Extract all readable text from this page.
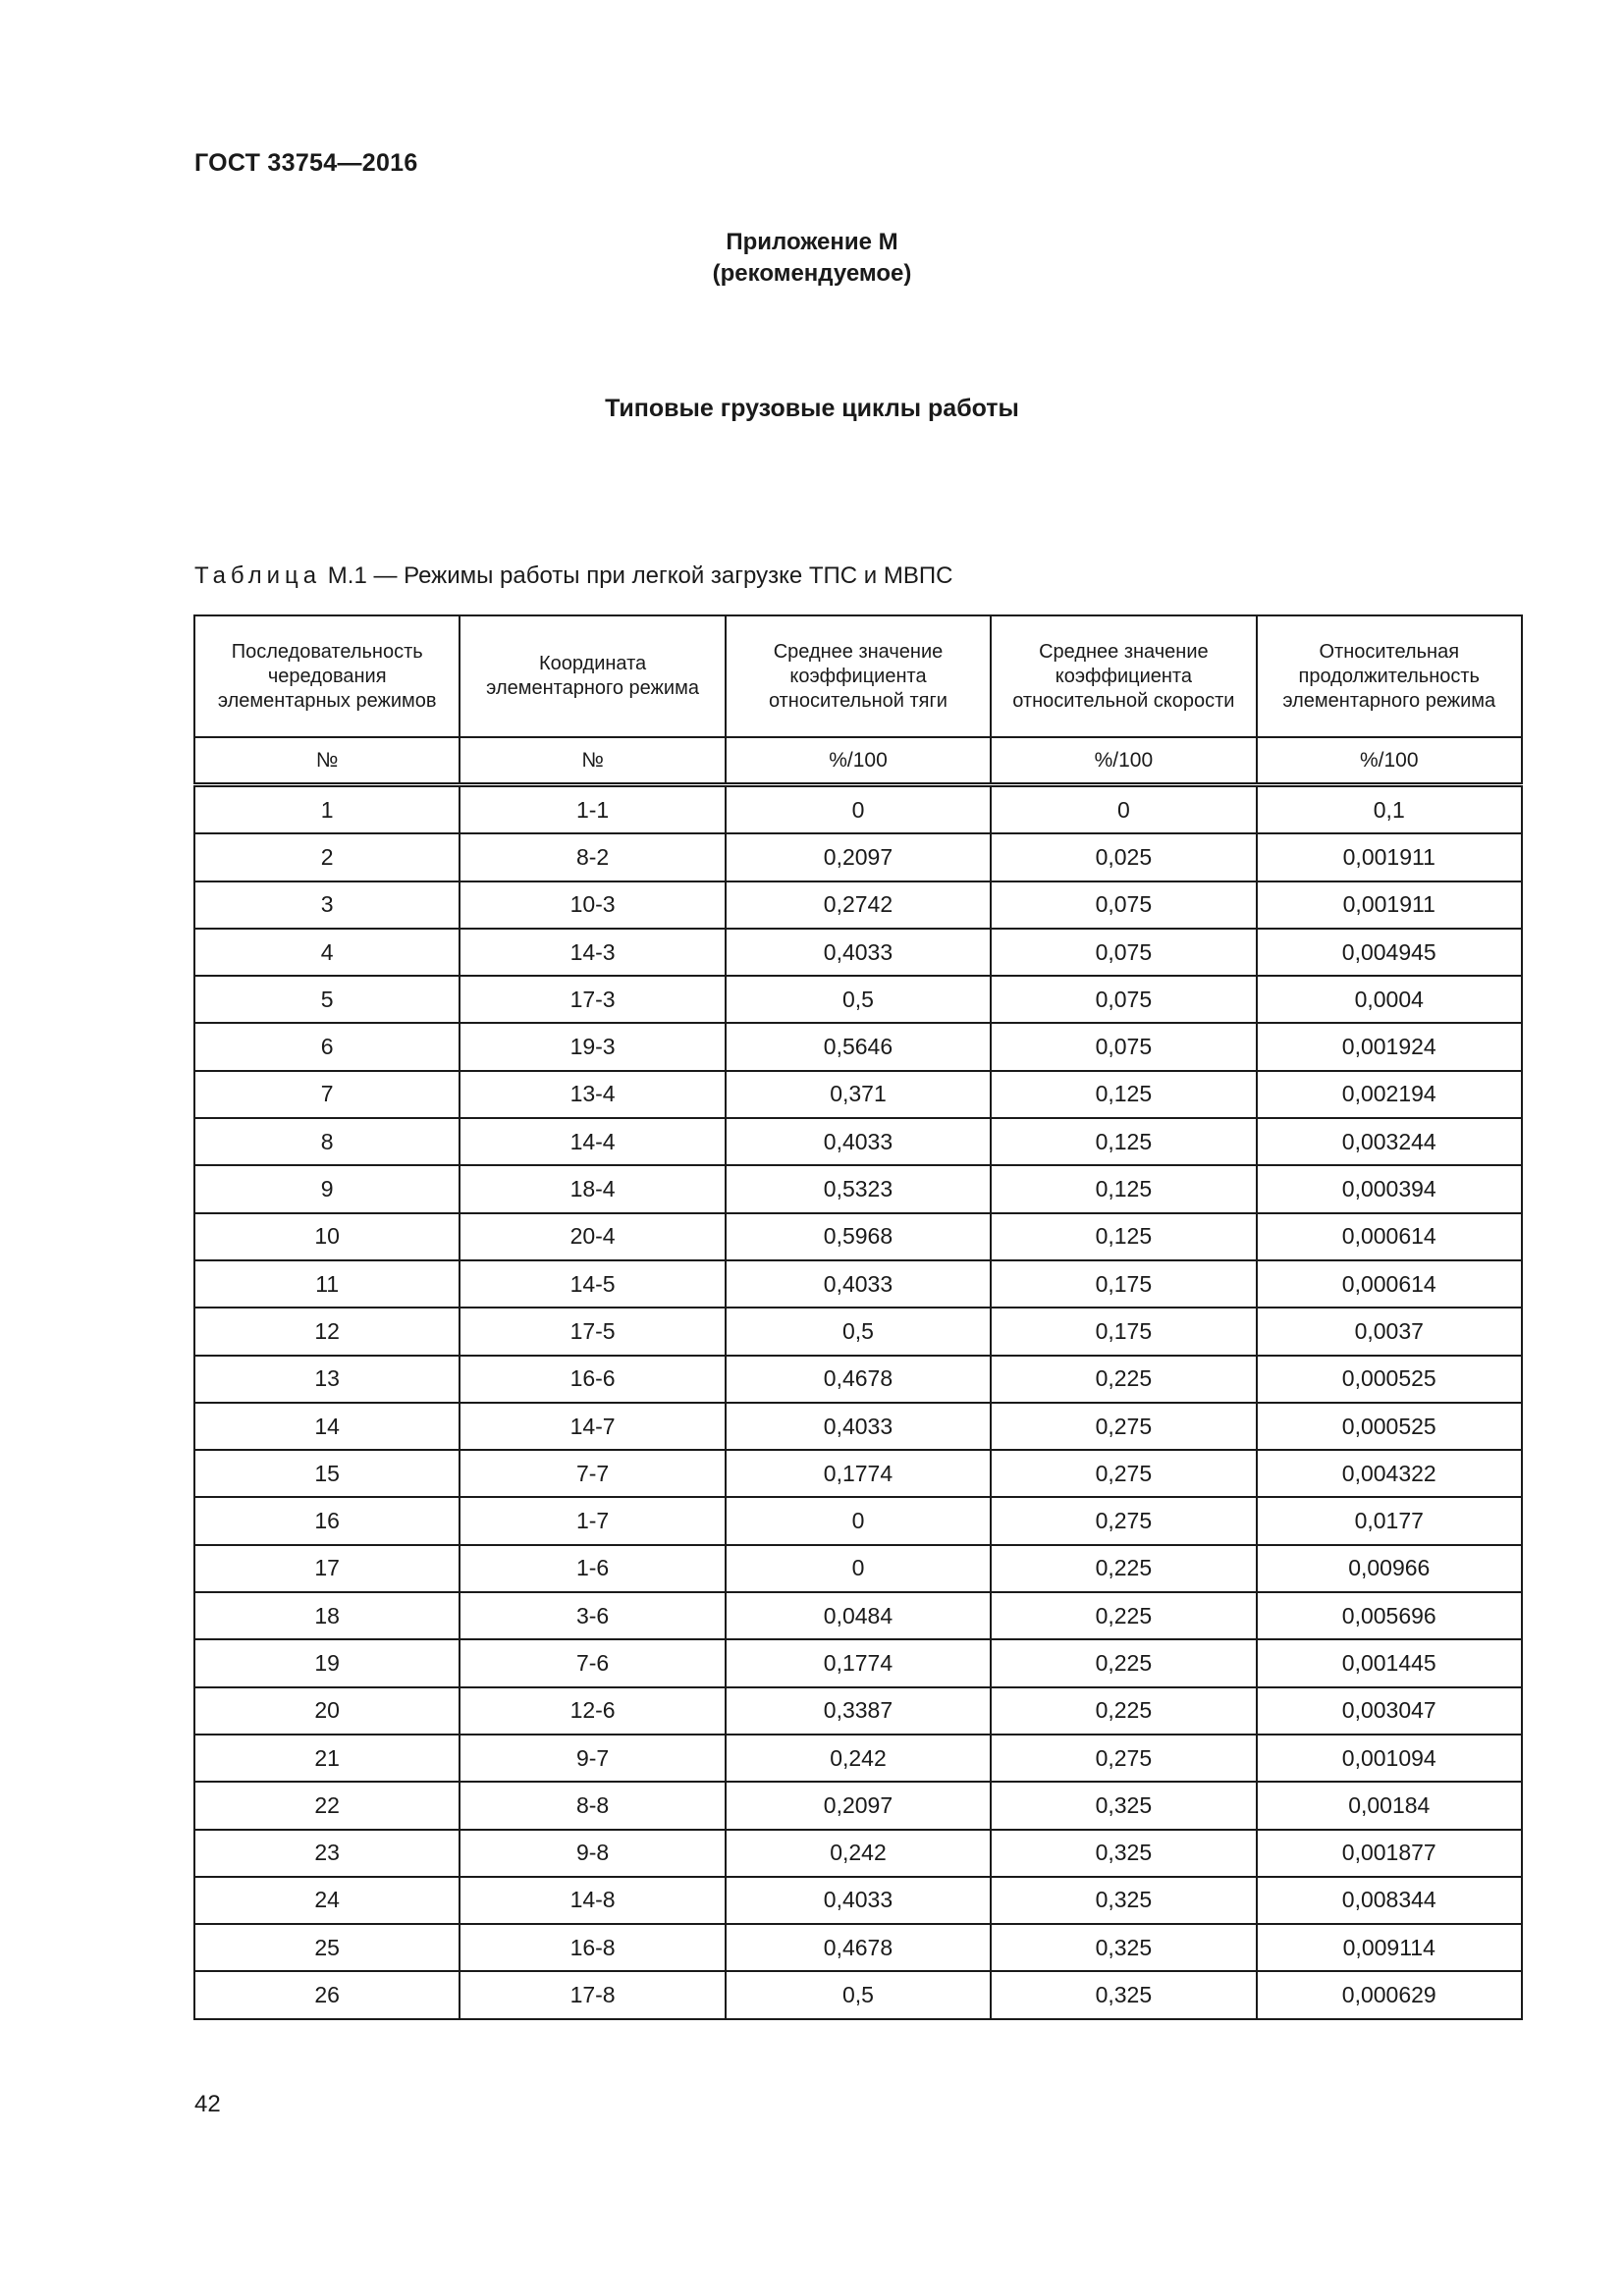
ГОСТ 33754—2016
Приложение М
(рекомендуемое)
Типовые грузовые циклы работы
Таблица М.1 — Режимы работы при легкой загрузке ТПС и МВПС
Последовательность чередования элементарных режимов	Координата элементарного режима	Среднее значение коэффициента относительной тяги	Среднее значение коэффициента относительной скорости	Относительная продолжительность элементарного режима
№	№	%/100	%/100	%/100
1	1-1	0	0	0,1
2	8-2	0,2097	0,025	0,001911
3	10-3	0,2742	0,075	0,001911
4	14-3	0,4033	0,075	0,004945
5	17-3	0,5	0,075	0,0004
6	19-3	0,5646	0,075	0,001924
7	13-4	0,371	0,125	0,002194
8	14-4	0,4033	0,125	0,003244
9	18-4	0,5323	0,125	0,000394
10	20-4	0,5968	0,125	0,000614
11	14-5	0,4033	0,175	0,000614
12	17-5	0,5	0,175	0,0037
13	16-6	0,4678	0,225	0,000525
14	14-7	0,4033	0,275	0,000525
15	7-7	0,1774	0,275	0,004322
16	1-7	0	0,275	0,0177
17	1-6	0	0,225	0,00966
18	3-6	0,0484	0,225	0,005696
19	7-6	0,1774	0,225	0,001445
20	12-6	0,3387	0,225	0,003047
21	9-7	0,242	0,275	0,001094
22	8-8	0,2097	0,325	0,00184
23	9-8	0,242	0,325	0,001877
24	14-8	0,4033	0,325	0,008344
25	16-8	0,4678	0,325	0,009114
26	17-8	0,5	0,325	0,000629
42
